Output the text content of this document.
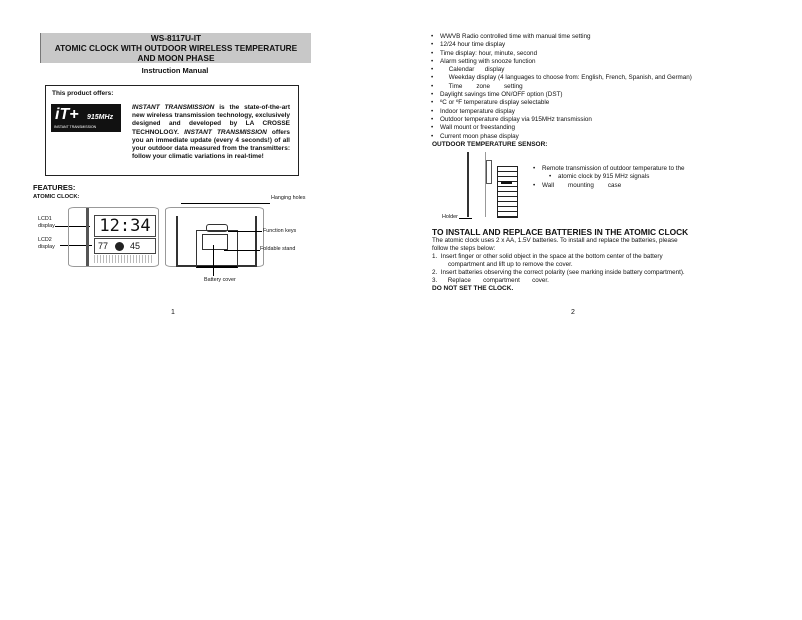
WS-8117U-IT
ATOMIC CLOCK WITH OUTDOOR WIRELESS TEMPERATURE
AND MOON PHASE
Instruction Manual
This product offers:
iT+ 915MHz
INSTANT TRANSMISSION
INSTANT TRANSMISSION is the state-of-the-art new wireless transmission technology, exclusively designed and developed by LA CROSSE TECHNOLOGY. INSTANT TRANSMISSION offers you an immediate update (every 4 seconds!) of all your outdoor data measured from the transmitters: follow your climatic variations in real-time!
FEATURES:
ATOMIC CLOCK:
LCD1 display
LCD2 display
12:34
77 45
Hanging holes
Function keys
Foldable stand
Battery cover
1
• WWVB Radio controlled time with manual time setting
• 12/24 hour time display
• Time display: hour, minute, second
• Alarm setting with snooze function
•      Calendar      display
•      Weekday display (4 languages to choose from: English, French, Spanish, and German)
•      Time        zone        setting
• Daylight savings time ON/OFF option (DST)
• ºC or ºF temperature display selectable
• Indoor temperature display
• Outdoor temperature display via 915MHz transmission
• Wall mount or freestanding
• Current moon phase display
OUTDOOR TEMPERATURE SENSOR:
Holder
• Remote transmission of outdoor temperature to the
• atomic clock by 915 MHz signals
• Wall        mounting        case
TO INSTALL AND REPLACE BATTERIES IN THE ATOMIC CLOCK
The atomic clock uses 2 x AA, 1.5V batteries. To install and replace the batteries, please follow the steps below:
1.  Insert finger or other solid object in the space at the bottom center of the battery
compartment and lift up to remove the cover.
2.  Insert batteries observing the correct polarity (see marking inside battery compartment).
3.      Replace       compartment       cover.
DO NOT SET THE CLOCK.
2
